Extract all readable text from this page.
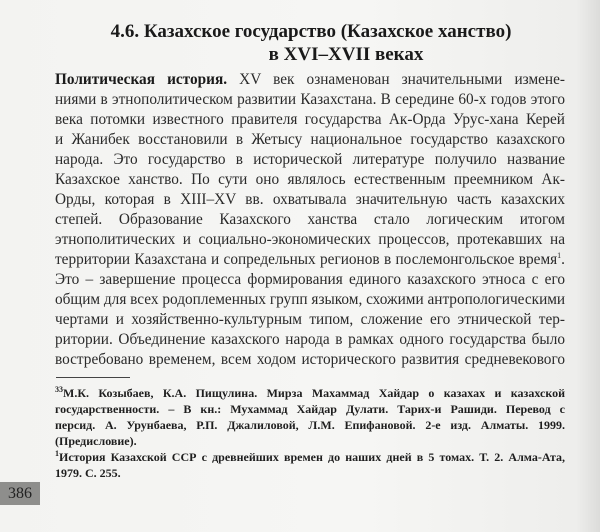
4.6. Казахское государство (Казахское ханство)
в XVI–XVII веках
Политическая история. XV век ознаменован значительными измене-
ниями в этнополитическом развитии Казахстана. В середине 60-х годов этого
века потомки известного правителя государства Ак-Орда Урус-хана Керей
и Жанибек восстановили в Жетысу национальное государство казахского
народа. Это государство в исторической литературе получило название
Казахское ханство. По сути оно являлось естественным преемником Ак-
Орды, которая в XIII–XV вв. охватывала значительную часть казахских
степей. Образование Казахского ханства стало логическим итогом
этнополитических и социально-экономических процессов, протекавших на
территории Казахстана и сопредельных регионов в послемонгольское время$^1$.
Это – завершение процесса формирования единого казахского этноса с его
общим для всех родоплеменных групп языком, схожими антропологическими
чертами и хозяйственно-культурным типом, сложение его этнической тер-
ритории. Объединение казахского народа в рамках одного государства было
востребовано временем, всем ходом исторического развития средневекового
$^{33}$М.К. Козыбаев, К.А. Пищулина. Мирза Махаммад Хайдар о казахах и казахской
государственности. – В кн.: Мухаммад Хайдар Дулати. Тарих-и Рашиди. Перевод с
персид. А. Урунбаева, Р.П. Джалиловой, Л.М. Епифановой. 2-е изд. Алматы. 1999.
(Предисловие).
$^1$История Казахской ССР с древнейших времен до наших дней в 5 томах. Т. 2. Алма-Ата,
1979. С. 255.
386
